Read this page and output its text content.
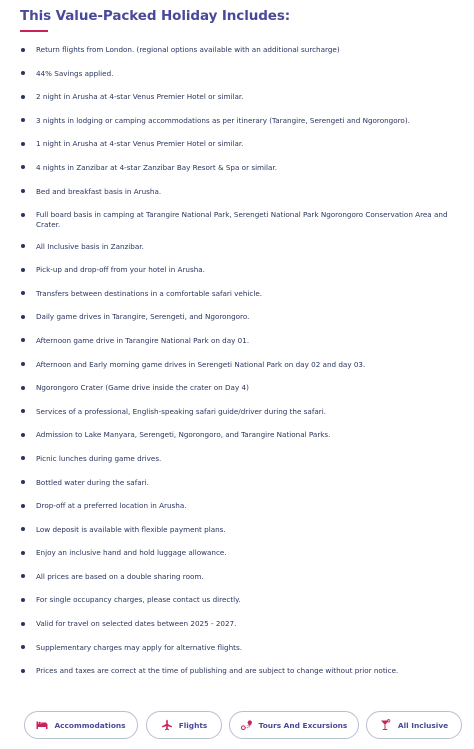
This Value-Packed Holiday Includes:
Return flights from London. (regional options available with an additional surcharge)
44% Savings applied.
2 night in Arusha at 4-star Venus Premier Hotel or similar.
3 nights in lodging or camping accommodations as per itinerary (Tarangire, Serengeti and Ngorongoro).
1 night in Arusha at 4-star Venus Premier Hotel or similar.
4 nights in Zanzibar at 4-star Zanzibar Bay Resort & Spa or similar.
Bed and breakfast basis in Arusha.
Full board basis in camping at Tarangire National Park, Serengeti National Park Ngorongoro Conservation Area and Crater.
All Inclusive basis in Zanzibar.
Pick-up and drop-off from your hotel in Arusha.
Transfers between destinations in a comfortable safari vehicle.
Daily game drives in Tarangire, Serengeti, and Ngorongoro.
Afternoon game drive in Tarangire National Park on day 01.
Afternoon and Early morning game drives in Serengeti National Park on day 02 and day 03.
Ngorongoro Crater (Game drive inside the crater on Day 4)
Services of a professional, English-speaking safari guide/driver during the safari.
Admission to Lake Manyara, Serengeti, Ngorongoro, and Tarangire National Parks.
Picnic lunches during game drives.
Bottled water during the safari.
Drop-off at a preferred location in Arusha.
Low deposit is available with flexible payment plans.
Enjoy an inclusive hand and hold luggage allowance.
All prices are based on a double sharing room.
For single occupancy charges, please contact us directly.
Valid for travel on selected dates between 2025 - 2027.
Supplementary charges may apply for alternative flights.
Prices and taxes are correct at the time of publishing and are subject to change without prior notice.
Accommodations	Flights	Tours And Excursions	All Inclusive
